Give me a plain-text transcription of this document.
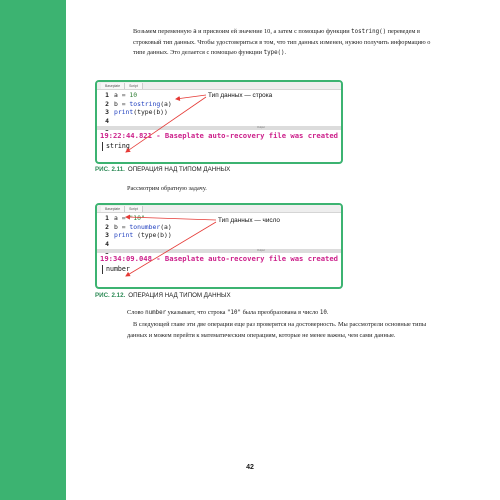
Возьмем переменную a и присвоим ей значение 10, а затем с помощью функции tostring() переведем в строковый тип данных. Чтобы удостовериться в том, что тип данных изменен, нужно получить информацию о типе данных. Это делается с помощью функции type().

Baseplate	Script
1
2
3
4
a = 10
b = tostring(a)
print(type(b))
Output
19:22:44.821 - Baseplate auto-recovery file was created
string
Тип данных — строка

РИС. 2.11. ОПЕРАЦИЯ НАД ТИПОМ ДАННЫХ

Рассмотрим обратную задачу.

Baseplate	Script
1
2
3
4
a = "10"
b = tonumber(a)
print (type(b))
Output
19:34:09.048 - Baseplate auto-recovery file was created
number
Тип данных — число

РИС. 2.12. ОПЕРАЦИЯ НАД ТИПОМ ДАННЫХ

Слово number указывает, что строка "10" была преобразована в число 10.

В следующей главе эти две операции еще раз проверятся на достоверность. Мы рассмотрели основные типы данных и можем перейти к математическим операциям, которые не менее важны, чем сами данные.

42
